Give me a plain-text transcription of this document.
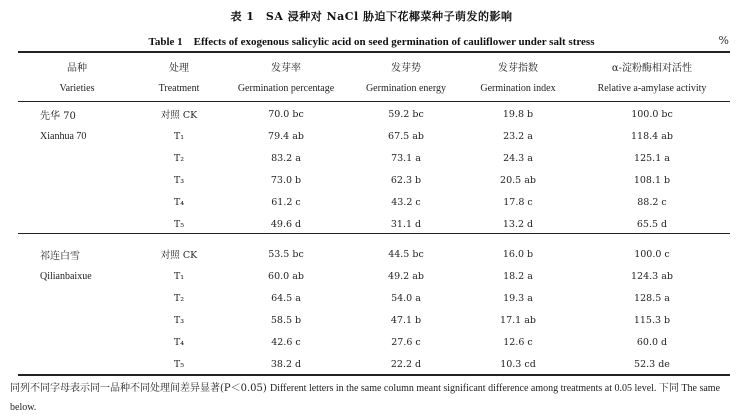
表 1　SA 浸种对 NaCl 胁迫下花椰菜种子萌发的影响
Table 1　Effects of exogenous salicylic acid on seed germination of cauliflower under salt stress	%
品种	处理	发芽率	发芽势	发芽指数	α-淀粉酶相对活性
Varieties	Treatment	Germination percentage	Germination energy	Germination index	Relative a-amylase activity
先华 70	对照 CK	70.0 bc	59.2 bc	19.8 b	100.0 bc
Xianhua 70	T₁	79.4 ab	67.5 ab	23.2 a	118.4 ab
	T₂	83.2 a	73.1 a	24.3 a	125.1 a
	T₃	73.0 b	62.3 b	20.5 ab	108.1 b
	T₄	61.2 c	43.2 c	17.8 c	88.2 c
	T₅	49.6 d	31.1 d	13.2 d	65.5 d

祁连白雪	对照 CK	53.5 bc	44.5 bc	16.0 b	100.0 c
Qilianbaixue	T₁	60.0 ab	49.2 ab	18.2 a	124.3 ab
	T₂	64.5 a	54.0 a	19.3 a	128.5 a
	T₃	58.5 b	47.1 b	17.1 ab	115.3 b
	T₄	42.6 c	27.6 c	12.6 c	60.0 d
	T₅	38.2 d	22.2 d	10.3 cd	52.3 de
同列不同字母表示同一品种不同处理间差异显著(P＜0.05) Different letters in the same column meant significant difference among treatments at 0.05 level. 下同 The same below.
